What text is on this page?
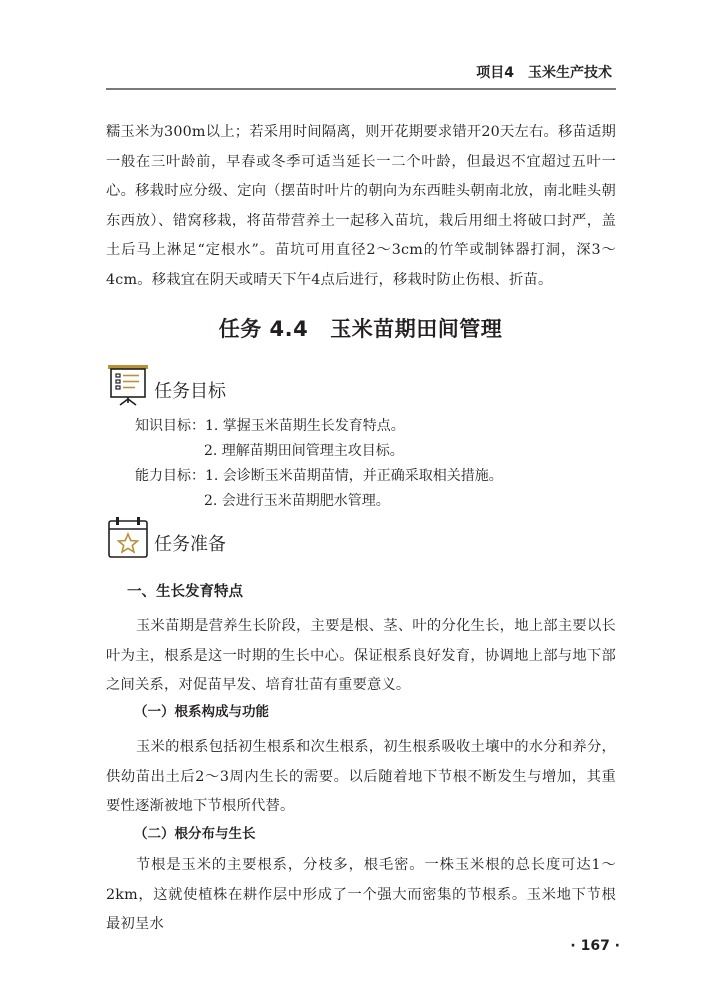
项目4 玉米生产技术

糯玉米为300m以上；若采用时间隔离，则开花期要求错开20天左右。移苗适期一般在三叶龄前，早春或冬季可适当延长一二个叶龄，但最迟不宜超过五叶一心。移栽时应分级、定向（摆苗时叶片的朝向为东西畦头朝南北放，南北畦头朝东西放）、错窝移栽，将苗带营养土一起移入苗坑，栽后用细土将破口封严，盖土后马上淋足“定根水”。苗坑可用直径2～3cm的竹竿或制钵器打洞，深3～4cm。移栽宜在阴天或晴天下午4点后进行，移栽时防止伤根、折苗。

任务 4.4 玉米苗期田间管理
任务目标
知识目标：1. 掌握玉米苗期生长发育特点。
2. 理解苗期田间管理主攻目标。
能力目标：1. 会诊断玉米苗期苗情，并正确采取相关措施。
2. 会进行玉米苗期肥水管理。
任务准备
一、生长发育特点

玉米苗期是营养生长阶段，主要是根、茎、叶的分化生长，地上部主要以长叶为主，根系是这一时期的生长中心。保证根系良好发育，协调地上部与地下部之间关系，对促苗早发、培育壮苗有重要意义。

（一）根系构成与功能

玉米的根系包括初生根系和次生根系，初生根系吸收土壤中的水分和养分，供幼苗出土后2～3周内生长的需要。以后随着地下节根不断发生与增加，其重要性逐渐被地下节根所代替。

（二）根分布与生长

节根是玉米的主要根系，分枝多，根毛密。一株玉米根的总长度可达1～2km，这就使植株在耕作层中形成了一个强大而密集的节根系。玉米地下节根最初呈水

· 167 ·
